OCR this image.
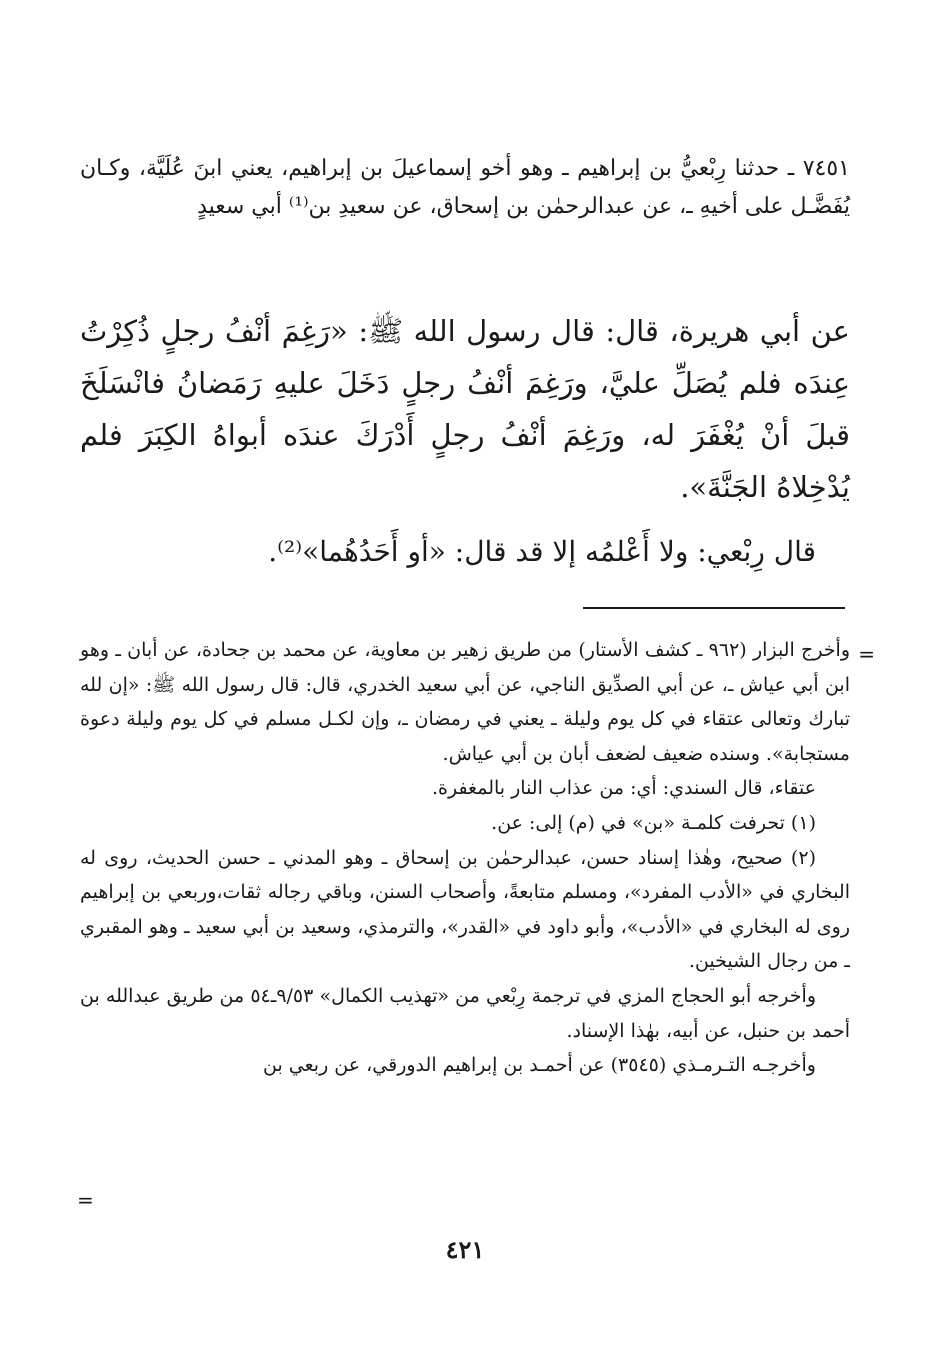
٧٤٥١ ـ حدثنا رِبْعيُّ بن إبراهيم ـ وهو أخو إسماعيلَ بن إبراهيم، يعني ابنَ عُلَيَّة، وكـان يُفَضَّـل على أخيهِ ـ، عن عبدالرحمٰن بن إسحاق، عن سعيدِ بن⁽¹⁾ أبي سعيدٍ
عن أبي هريرة، قال: قال رسول الله ﷺ: «رَغِمَ أنْفُ رجلٍ ذُكِرْتُ عِندَه فلم يُصَلِّ عليَّ، ورَغِمَ أنْفُ رجلٍ دَخَلَ عليهِ رَمَضانُ فانْسَلَخَ قبلَ أنْ يُغْفَرَ له، ورَغِمَ أنْفُ رجلٍ أَدْرَكَ عندَه أبواهُ الكِبَرَ فلم يُدْخِلاهُ الجَنَّةَ».
قال رِبْعي: ولا أَعْلمُه إلا قد قال: «أو أَحَدُهُما»⁽²⁾.
=

وأخرج البزار (٩٦٢ ـ كشف الأستار) من طريق زهير بن معاوية، عن محمد بن جحادة، عن أبان ـ وهو ابن أبي عياش ـ، عن أبي الصدِّيق الناجي، عن أبي سعيد الخدري، قال: قال رسول الله ﷺ: «إن لله تبارك وتعالى عتقاء في كل يوم وليلة ـ يعني في رمضان ـ، وإن لكـل مسلم في كل يوم وليلة دعوة مستجابة». وسنده ضعيف لضعف أبان بن أبي عياش.

عتقاء، قال السندي: أي: من عذاب النار بالمغفرة.

(١) تحرفت كلمـة «بن» في (م) إلى: عن.

(٢) صحيح، وهٰذا إسناد حسن، عبدالرحمٰن بن إسحاق ـ وهو المدني ـ حسن الحديث، روى له البخاري في «الأدب المفرد»، ومسلم متابعةً، وأصحاب السنن، وباقي رجاله ثقات،وربعي بن إبراهيم روى له البخاري في «الأدب»، وأبو داود في «القدر»، والترمذي، وسعيد بن أبي سعيد ـ وهو المقبري ـ من رجال الشيخين.

وأخرجه أبو الحجاج المزي في ترجمة رِبْعي من «تهذيب الكمال» ٩/٥٣ـ٥٤ من طريق عبدالله بن أحمد بن حنبل، عن أبيه، بهٰذا الإسناد.

وأخرجـه التـرمـذي (٣٥٤٥) عن أحمـد بن إبراهيم الدورقي، عن ربعي بن

=
٤٢١
